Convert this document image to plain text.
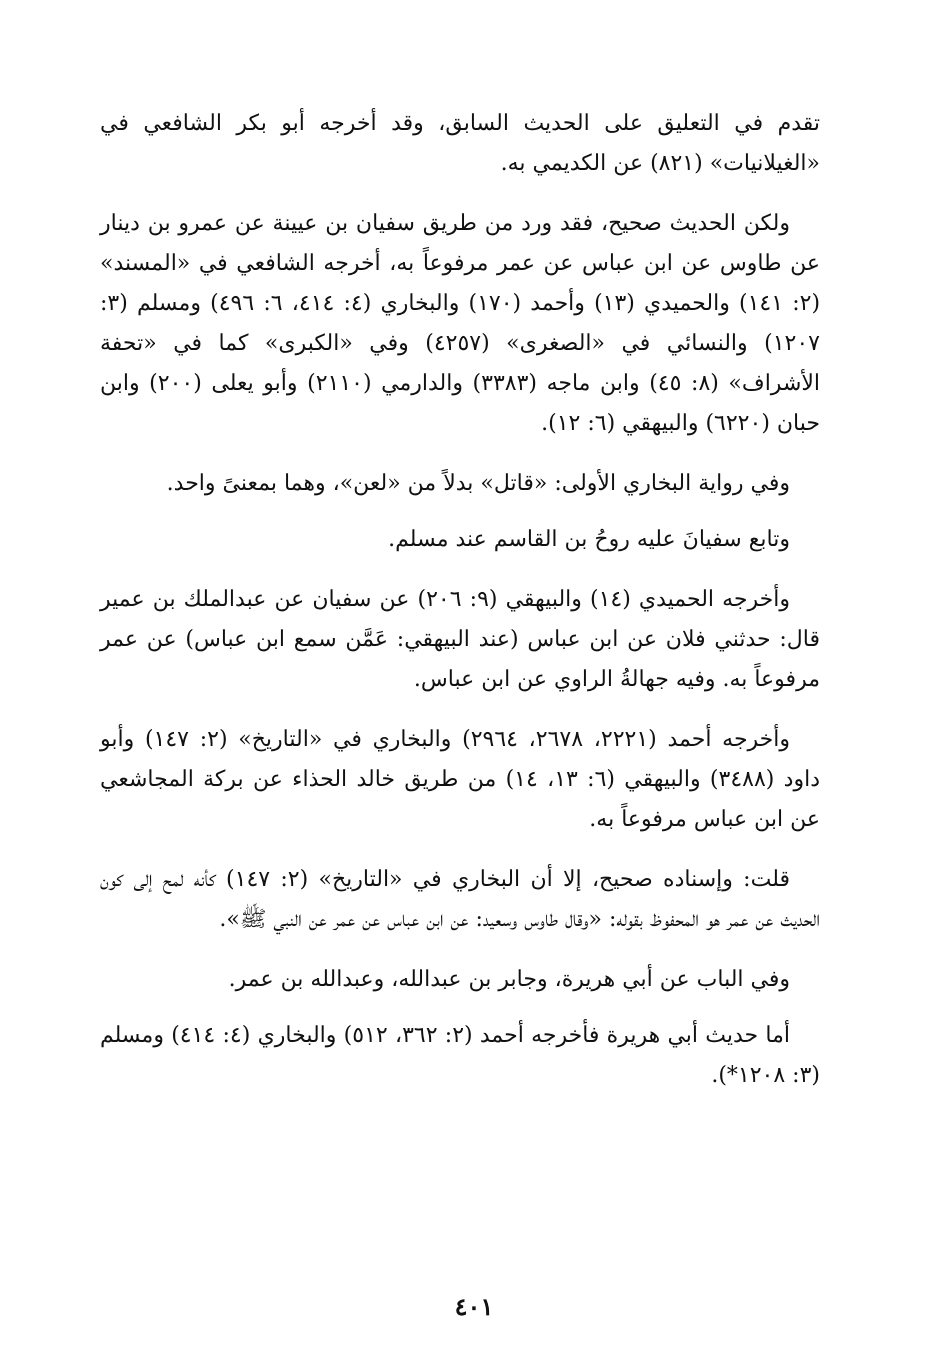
تقدم في التعليق على الحديث السابق، وقد أخرجه أبو بكر الشافعي في «الغيلانيات» (٨٢١) عن الكديمي به.

ولكن الحديث صحيح، فقد ورد من طريق سفيان بن عيينة عن عمرو بن دينار عن طاوس عن ابن عباس عن عمر مرفوعاً به، أخرجه الشافعي في «المسند» (٢: ١٤١) والحميدي (١٣) وأحمد (١٧٠) والبخاري (٤: ٤١٤، ٦: ٤٩٦) ومسلم (٣: ١٢٠٧) والنسائي في «الصغرى» (٤٢٥٧) وفي «الكبرى» كما في «تحفة الأشراف» (٨: ٤٥) وابن ماجه (٣٣٨٣) والدارمي (٢١١٠) وأبو يعلى (٢٠٠) وابن حبان (٦٢٢٠) والبيهقي (٦: ١٢).

وفي رواية البخاري الأولى: «قاتل» بدلاً من «لعن»، وهما بمعنىً واحد.

وتابع سفيانَ عليه روحُ بن القاسم عند مسلم.

وأخرجه الحميدي (١٤) والبيهقي (٩: ٢٠٦) عن سفيان عن عبدالملك بن عمير قال: حدثني فلان عن ابن عباس (عند البيهقي: عَمَّن سمع ابن عباس) عن عمر مرفوعاً به. وفيه جهالةُ الراوي عن ابن عباس.

وأخرجه أحمد (٢٢٢١، ٢٦٧٨، ٢٩٦٤) والبخاري في «التاريخ» (٢: ١٤٧) وأبو داود (٣٤٨٨) والبيهقي (٦: ١٣، ١٤) من طريق خالد الحذاء عن بركة المجاشعي عن ابن عباس مرفوعاً به.

قلت: وإسناده صحيح، إلا أن البخاري في «التاريخ» (٢: ١٤٧) كأنه لمح إلى كون الحديث عن عمر هو المحفوظ بقوله: «وقال طاوس وسعيد: عن ابن عباس عن عمر عن النبي ﷺ».

وفي الباب عن أبي هريرة، وجابر بن عبدالله، وعبدالله بن عمر.

أما حديث أبي هريرة فأخرجه أحمد (٢: ٣٦٢، ٥١٢) والبخاري (٤: ٤١٤) ومسلم (٣: ١٢٠٨*).

٤٠١
